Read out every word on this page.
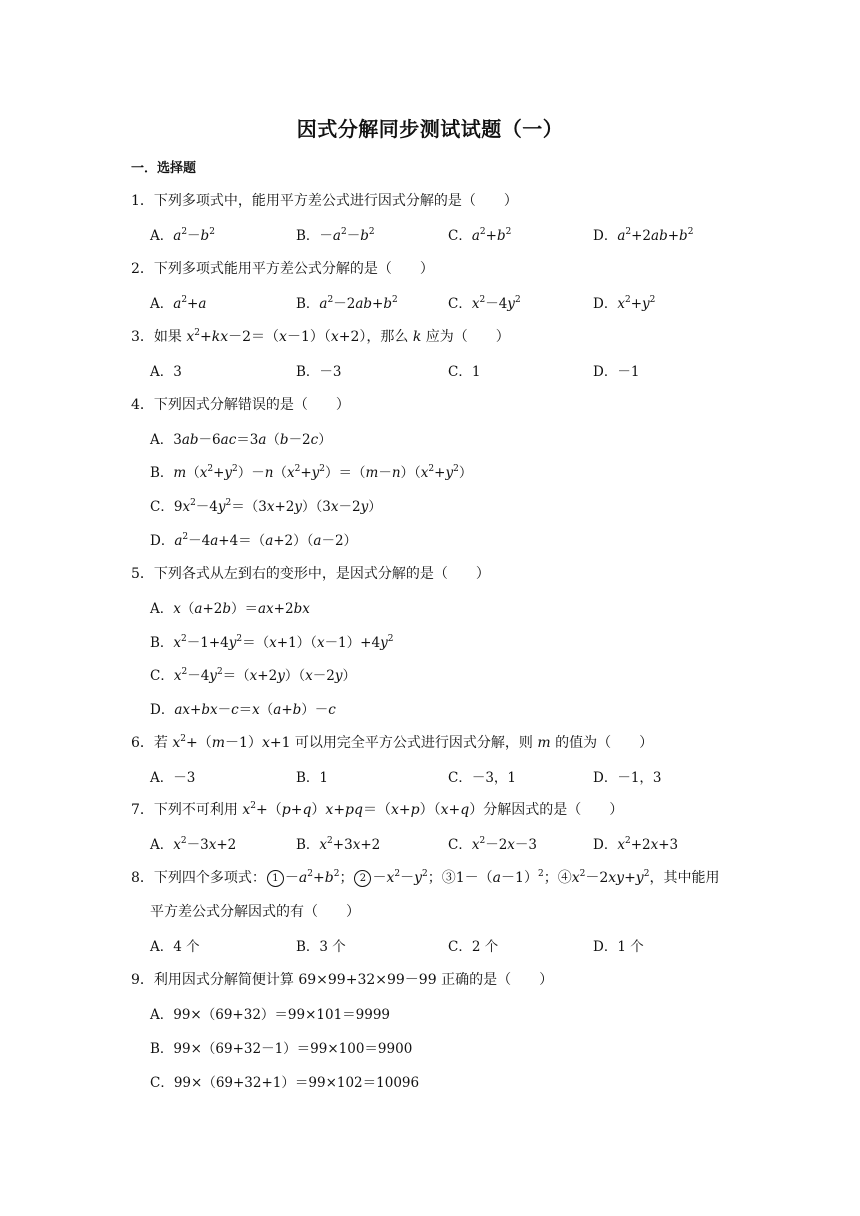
因式分解同步测试试题（一）
一．选择题
1．下列多项式中，能用平方差公式进行因式分解的是（　　）
A．$a^2-b^2$	B．$-a^2-b^2$	C．$a^2+b^2$	D．$a^2+2ab+b^2$
2．下列多项式能用平方差公式分解的是（　　）
A．$a^2+a$	B．$a^2-2ab+b^2$	C．$x^2-4y^2$	D．$x^2+y^2$
3．如果 $x^2+kx-2=(x-1)(x+2)$，那么 k 应为（　　）
A．3	B．－3	C．1	D．－1
4．下列因式分解错误的是（　　）
A．3ab－6ac＝3a（b－2c）
B．$m(x^2+y^2)-n(x^2+y^2)=(m-n)(x^2+y^2)$
C．$9x^2-4y^2=(3x+2y)(3x-2y)$
D．$a^2-4a+4=(a+2)(a-2)$
5．下列各式从左到右的变形中，是因式分解的是（　　）
A．x（a+2b）＝ax+2bx
B．$x^2-1+4y^2=(x+1)(x-1)+4y^2$
C．$x^2-4y^2=(x+2y)(x-2y)$
D．ax+bx－c＝x（a+b）－c
6．若 $x^2+(m-1)x+1$ 可以用完全平方公式进行因式分解，则 m 的值为（　　）
A．－3	B．1	C．－3，1	D．－1，3
7．下列不可利用 $x^2+(p+q)x+pq=(x+p)(x+q)$分解因式的是（　　）
A．$x^2-3x+2$	B．$x^2+3x+2$	C．$x^2-2x-3$	D．$x^2+2x+3$
8．下列四个多项式： $1 -a^2+b^2$； $2 -x^2-y^2$；$③1-(a-1)^2$；$④x^2-2xy+y^2$，其中能用
平方差公式分解因式的有（　　）
A．4 个	B．3 个	C．2 个	D．1 个
9．利用因式分解简便计算 69×99+32×99－99 正确的是（　　）
A．99×（69+32）＝99×101＝9999
B．99×（69+32－1）＝99×100＝9900
C．99×（69+32+1）＝99×102＝10096
